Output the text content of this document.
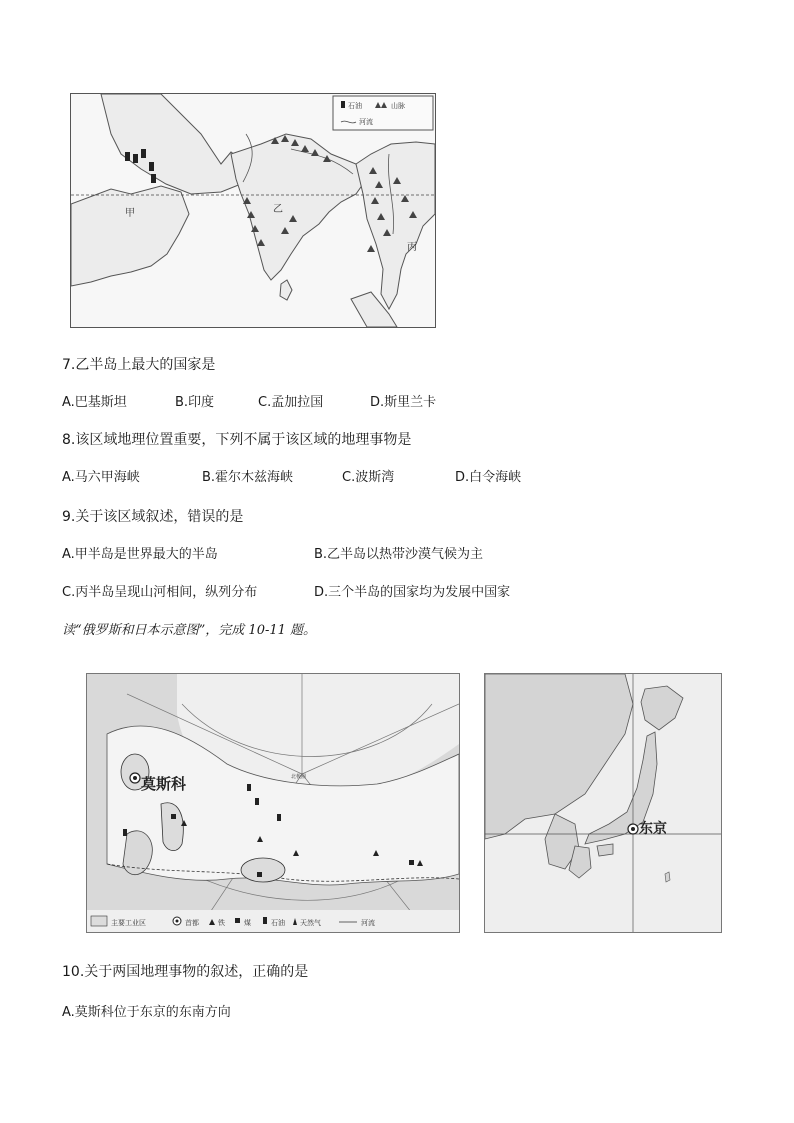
甲	乙
丙
石油	山脉
河流
7.乙半岛上最大的国家是
A.巴基斯坦	B.印度	C.孟加拉国	D.斯里兰卡
8.该区域地理位置重要，下列不属于该区域的地理事物是
A.马六甲海峡	B.霍尔木兹海峡	C.波斯湾	D.白令海峡
9.关于该区域叙述，错误的是
A.甲半岛是世界最大的半岛	B.乙半岛以热带沙漠气候为主
C.丙半岛呈现山河相间，纵列分布	D.三个半岛的国家均为发展中国家
读“俄罗斯和日本示意图”，完成 10-11 题。
莫斯科	北极圈
主要工业区	首都	铁	煤	石油 天然气	河流
东京
10.关于两国地理事物的叙述，正确的是
A.莫斯科位于东京的东南方向
